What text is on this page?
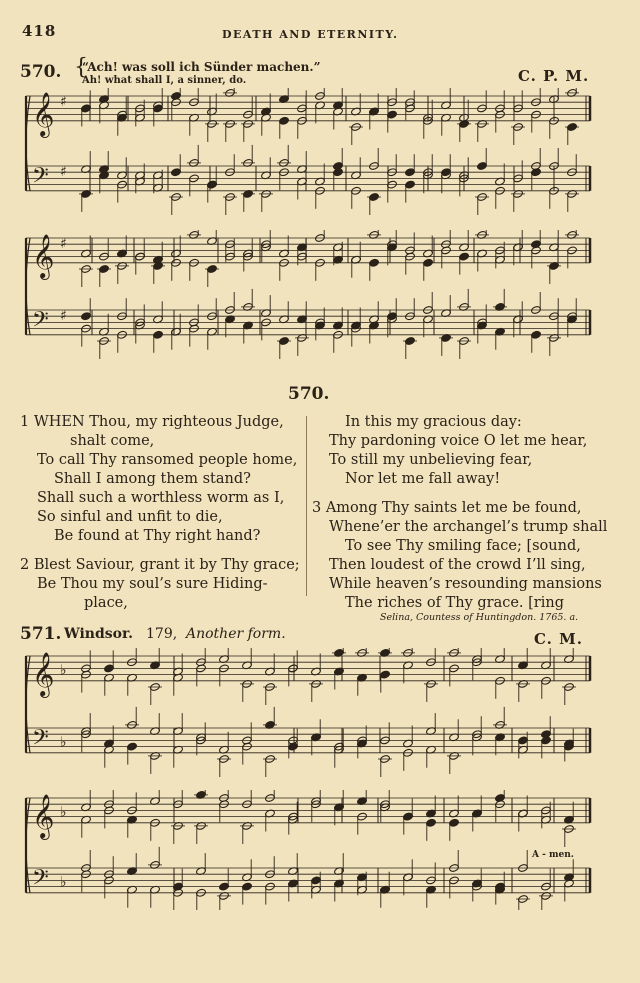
418	DEATH AND ETERNITY.
570. {
“Ach! was soll ich Sünder machen.”
Ah! what shall I, a sinner, do.	C. P. M.
𝄞 ♯
𝄢 ♯
𝄞 ♯
𝄢 ♯
570.
1 WHEN Thou, my righteous Judge,
shalt come,
To call Thy ransomed people home,
Shall I among them stand?
Shall such a worthless worm as I,
So sinful and unfit to die,
Be found at Thy right hand?
2 Blest Saviour, grant it by Thy grace;
Be Thou my soul’s sure Hiding-
place,
In this my gracious day:
Thy pardoning voice O let me hear,
To still my unbelieving fear,
Nor let me fall away!
3 Among Thy saints let me be found,
Whene’er the archangel’s trump shall
To see Thy smiling face; [sound,
Then loudest of the crowd I’ll sing,
While heaven’s resounding mansions
The riches of Thy grace. [ring
Selina, Countess of Huntingdon. 1765. a.
571. Windsor. 179, Another form.	C. M.
𝄞 ♭
𝄢 ♭
𝄞 ♭
𝄢 ♭
A - men.
